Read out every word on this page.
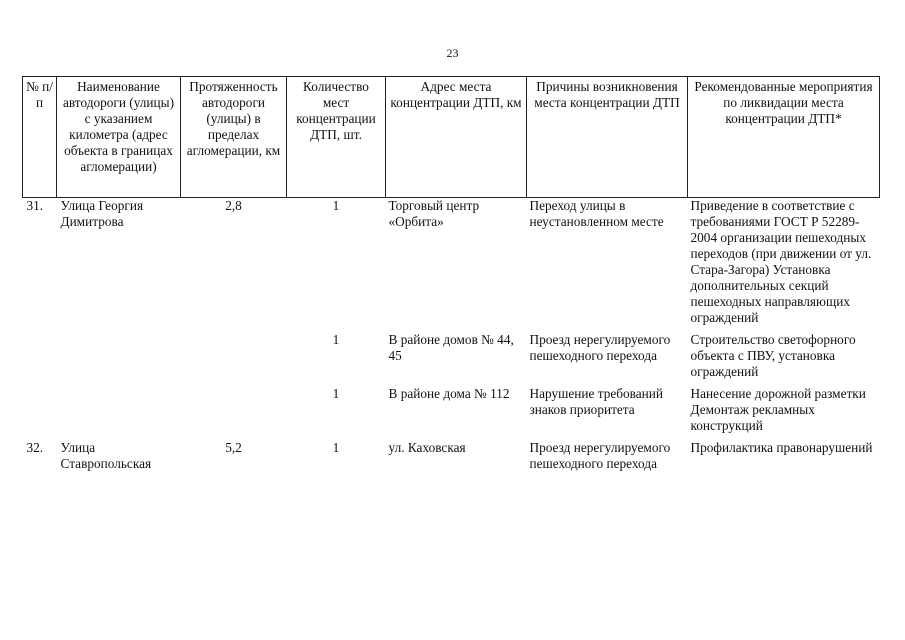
23
№ п/п	Наименование автодороги (улицы) с указанием километра (адрес объекта в границах агломерации)	Протяженность автодороги (улицы) в пределах агломерации, км	Количество мест концентрации ДТП, шт.	Адрес места концентрации ДТП, км	Причины возникновения места концентрации ДТП	Рекомендованные мероприятия по ликвидации места концентрации ДТП*
31.	Улица Георгия Димитрова	2,8	1	Торговый центр «Орбита»	Переход улицы в неустановленном месте	Приведение в соответствие с требованиями ГОСТ Р 52289-2004 организации пешеходных переходов (при движении от ул. Стара-Загора) Установка дополнительных секций пешеходных направляющих ограждений

			1	В районе домов № 44, 45	Проезд нерегулируемого пешеходного перехода	Строительство светофорного объекта с ПВУ, установка ограждений

			1	В районе дома № 112	Нарушение требований знаков приоритета	Нанесение дорожной разметки Демонтаж рекламных конструкций

32.	Улица Ставропольская	5,2	1	ул. Каховская	Проезд нерегулируемого пешеходного перехода	Профилактика правонарушений
